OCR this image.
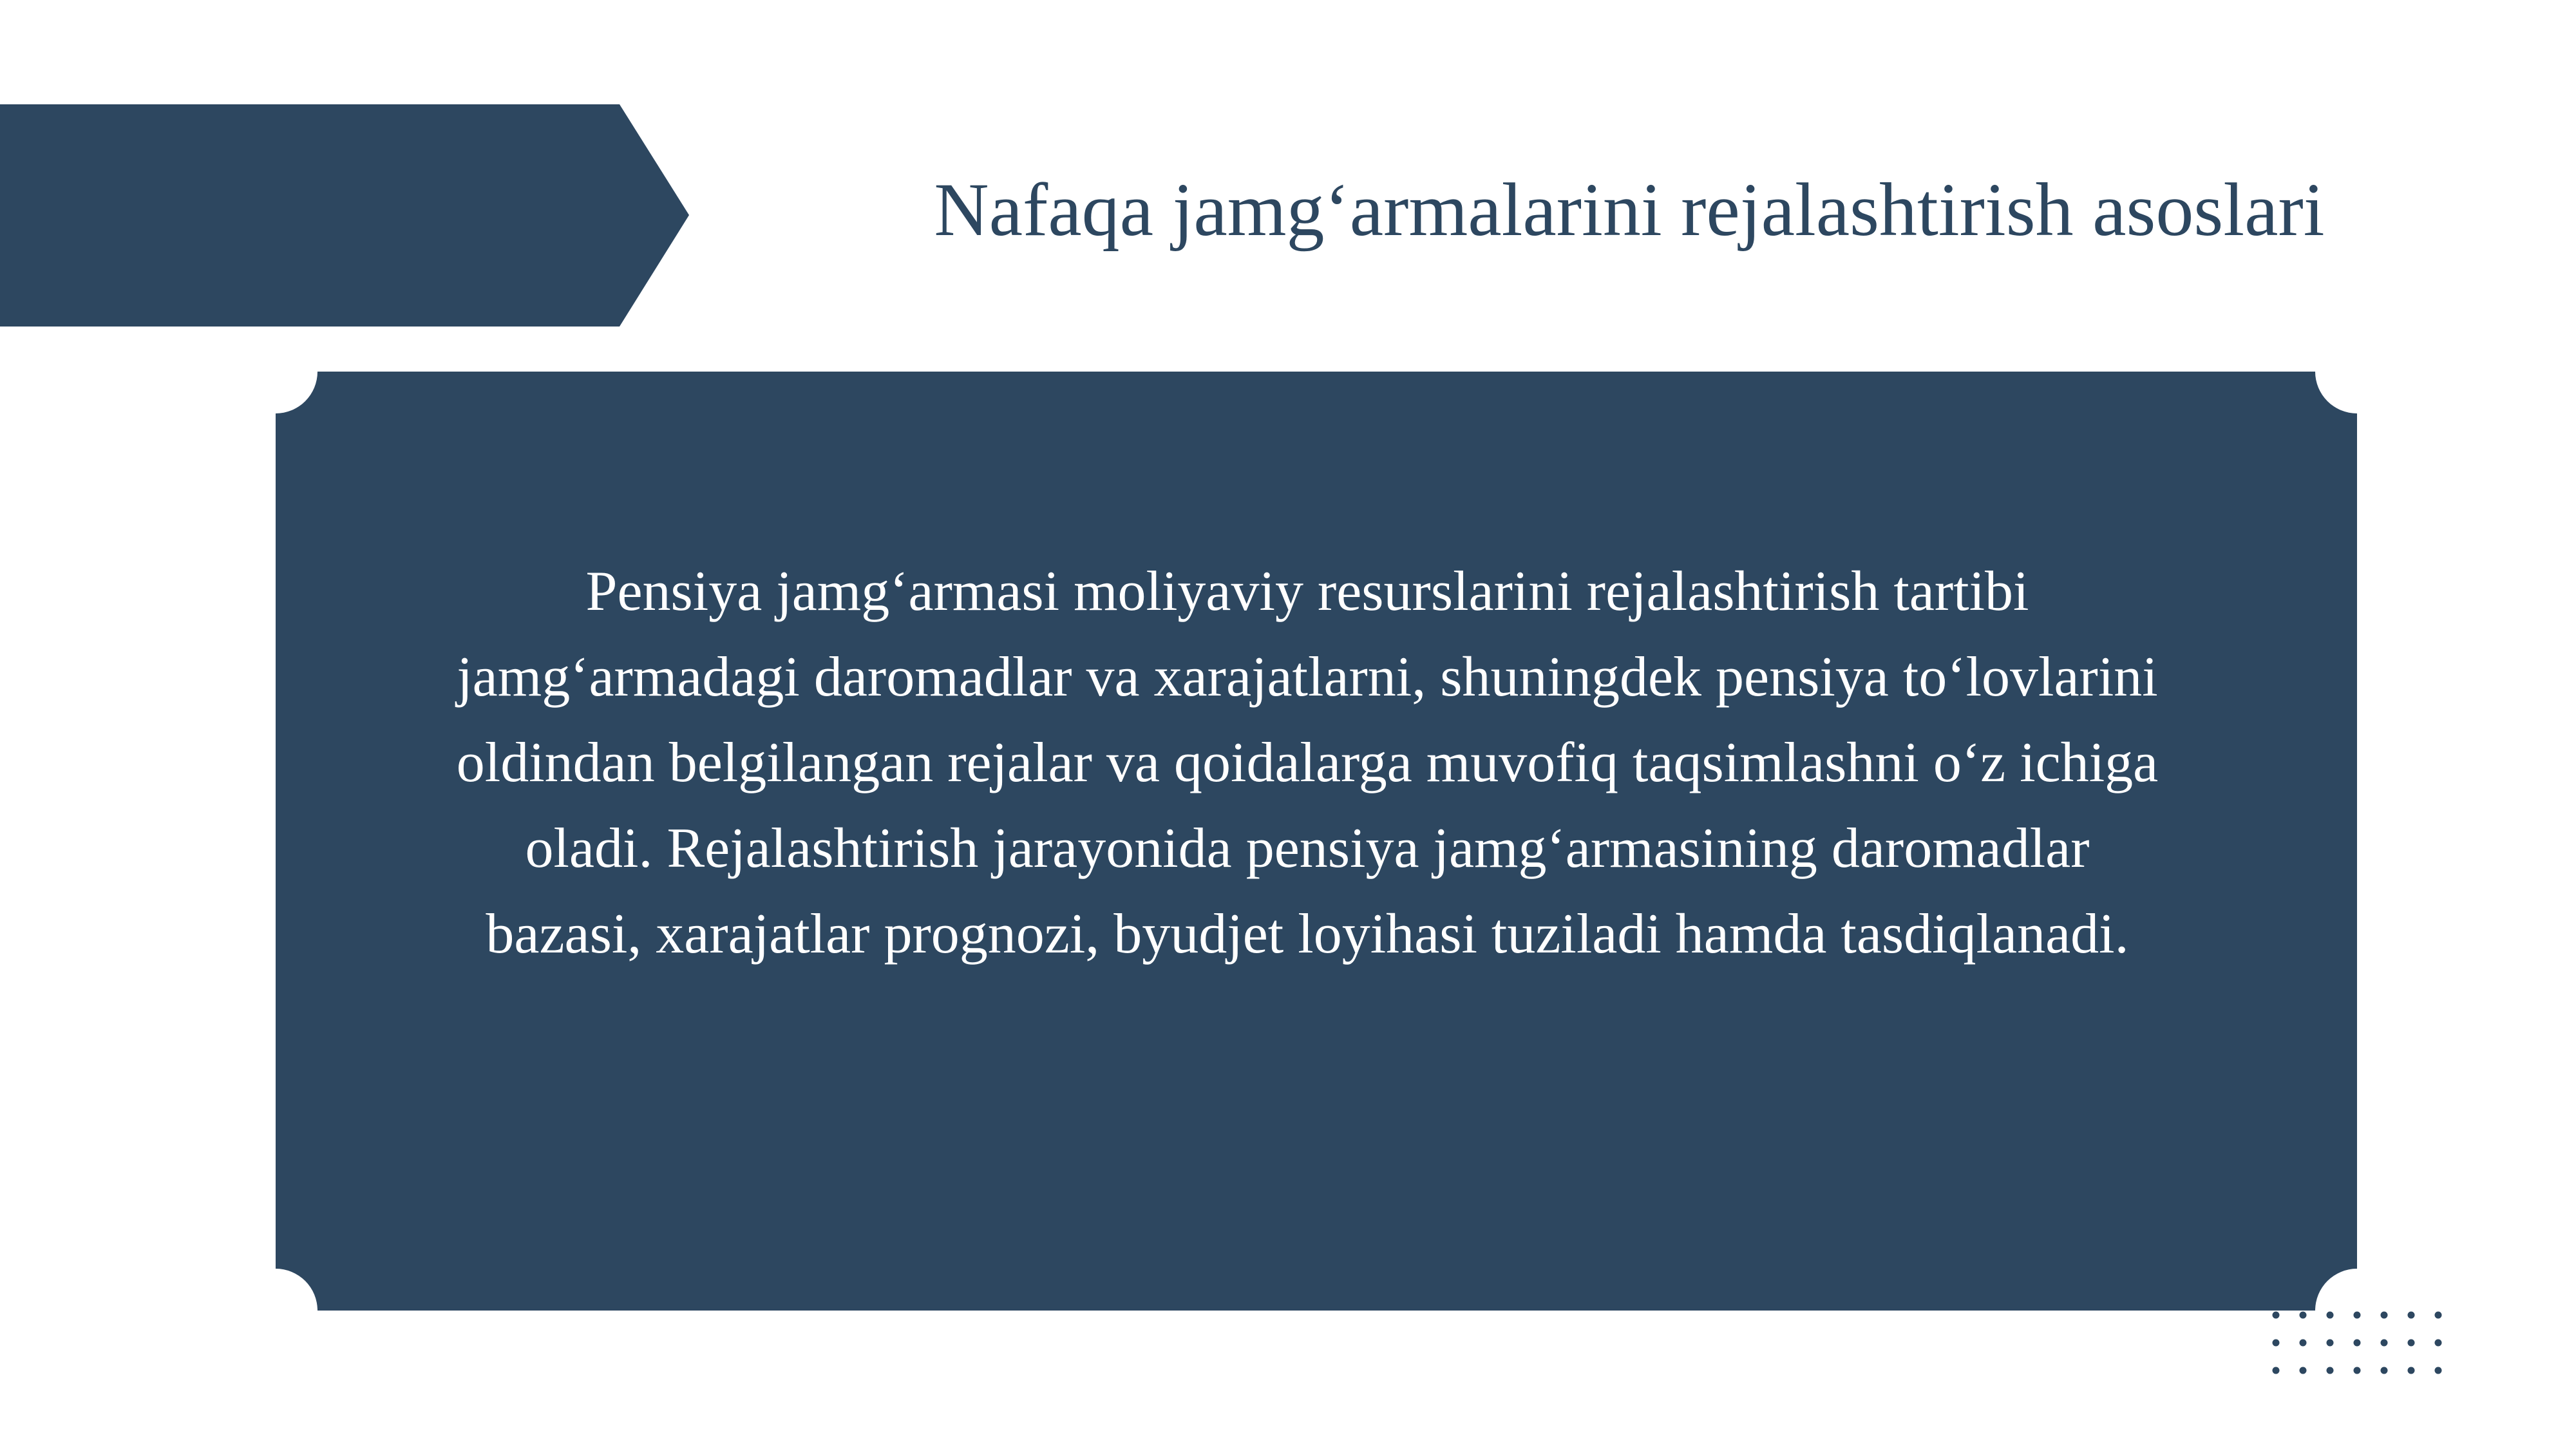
Nafaqa jamg‘armalarini rejalashtirish asoslari
Pensiya jamg‘armasi moliyaviy resurslarini rejalashtirish tartibi jamg‘armadagi daromadlar va xarajatlarni, shuningdek pensiya to‘lovlarini oldindan belgilangan rejalar va qoidalarga muvofiq taqsimlashni o‘z ichiga oladi. Rejalashtirish jarayonida pensiya jamg‘armasining daromadlar bazasi, xarajatlar prognozi, byudjet loyihasi tuziladi hamda tasdiqlanadi.
